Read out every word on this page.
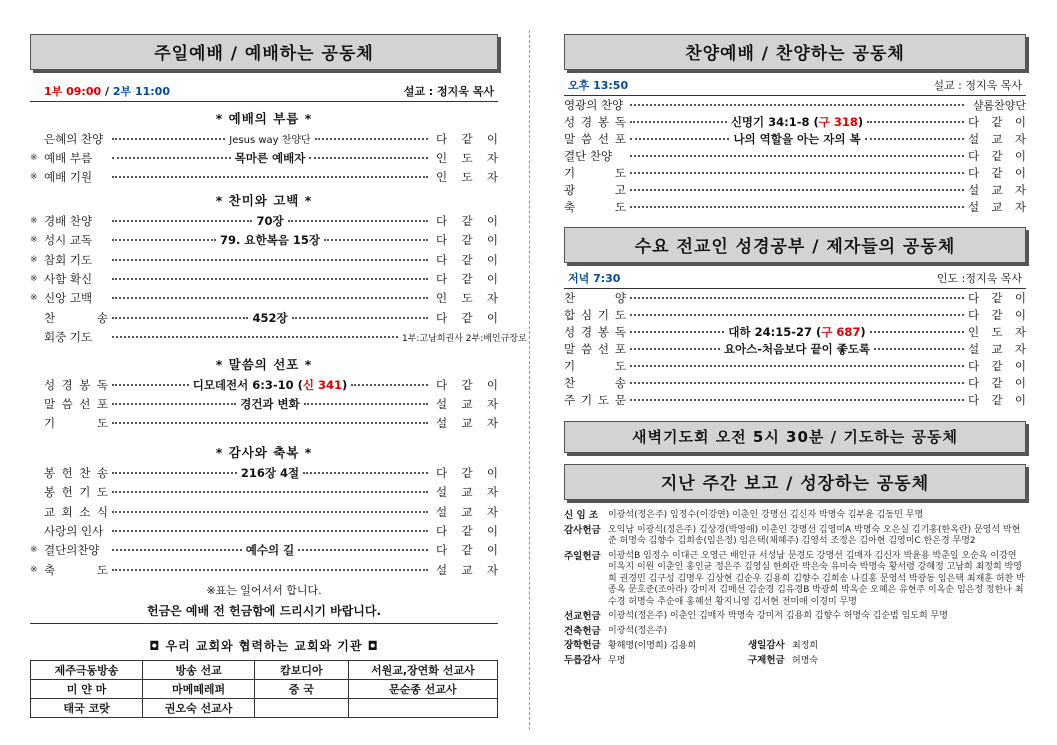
주일예배 / 예배하는 공동체
1부 09:00 / 2부 11:00	설교 : 정지욱 목사
* 예배의 부름 *
은혜의 찬양	Jesus way 찬양단	다 같 이
※ 예배 부름	목마른 예배자	인 도 자
※ 예배 기원	인 도 자
* 찬미와 고백 *
※ 경배 찬양	70장	다 같 이
※ 성시 교독	79. 요한복음 15장	다 같 이
※ 참회 기도	다 같 이
※ 사함 확신	다 같 이
※ 신앙 고백	인 도 자
찬	송	452장	다 같 이
회중 기도	1부:고남희권사 2부:배인규장로
* 말씀의 선포 *
성 경 봉 독	디모데전서 6:3-10 (신 341)	다 같 이
말 씀 선 포	경건과 변화	설 교 자
기	도	설 교 자
* 감사와 축복 *
봉 헌 찬 송	216장 4절	다 같 이
봉 헌 기 도	설 교 자
교 회 소 식	설 교 자
사랑의 인사	다 같 이
※ 결단의찬양	예수의 길	다 같 이
※ 축	도	설 교 자
※표는 일어서서 합니다.
헌금은 예배 전 헌금함에 드리시기 바랍니다.
◘ 우리 교회와 협력하는 교회와 기관 ◘
제주극동방송	방송 선교	캄보디아	서원교,장연화 선교사
미 얀 마	마메떼레퍼	중 국	문순종 선교사
태국 코랏	권오숙 선교사		
찬양예배 / 찬양하는 공동체
오후 13:50	설교 : 정지욱 목사
영광의 찬양	샬롬찬양단
성 경 봉 독	신명기 34:1-8 (구 318)	다 같 이
말 씀 선 포	나의 역할을 아는 자의 복	설 교 자
결단 찬양	다 같 이
기	도	다 같 이
광	고	설 교 자
축	도	설 교 자
수요 전교인 성경공부 / 제자들의 공동체
저녁 7:30	인도 :정지욱 목사
찬	양	다 같 이
합 심 기 도	다 같 이
성 경 봉 독	대하 24:15-27 (구 687)	인 도 자
말 씀 선 포	요아스-처음보다 끝이 좋도록	설 교 자
기	도	다 같 이
찬	송	다 같 이
주 기 도 문	다 같 이
새벽기도회 오전 5시 30분 / 기도하는 공동체
지난 주간 보고 / 성장하는 공동체
신 임 조	이광석(정은주) 임정수(이강연) 이춘인 강명선 김신자 박명숙 김부윤 김동민 무명
감사헌금 오익남 이광석(정은주) 김상경(박영애) 이춘인 강명선 김영미A 박명숙 오은실 김기홍(한옥란) 문영석 박현준 허명숙 김향수 김희송(임은정) 임은택(채혜주) 김영석 조정은 김아현 김영미C 한은경 무명2
주일헌금 이광석B 임정수 이대근 오영근 배인규 서성남 문경도 강명선 김매자 김신자 박윤용 박춘일 오순옥 이강연 이옥지 이원 이춘인 홍인균 정은주 김영심 한희란 박은숙 유미숙 박명숙 황서령 강혜정 고남희 최정희 박영희 권경민 김구성 김명우 김상현 김순우 김용희 김향수 김희송 나길홍 문영석 박광동 임은택 최재훈 허찬 박종옥 문호준(조아라) 강미저 김매선 김순경 김유경B 박광희 박옥순 오혜은 유현주 이옥순 임은정 정한나 최수경 허명숙 추순애 홍혜선 황지니영 김서현 전미애 이경미 무명
선교헌금 이광석(정은주) 이춘인 김매자 박명숙 강미저 김용희 김향수 허명숙 김순범 임도희 무명
건축헌금 이광석(정은주)
장학헌금 황해명(이명희) 김용희	생일감사 최정희
두릅감사 무명	구제헌금 허명숙
